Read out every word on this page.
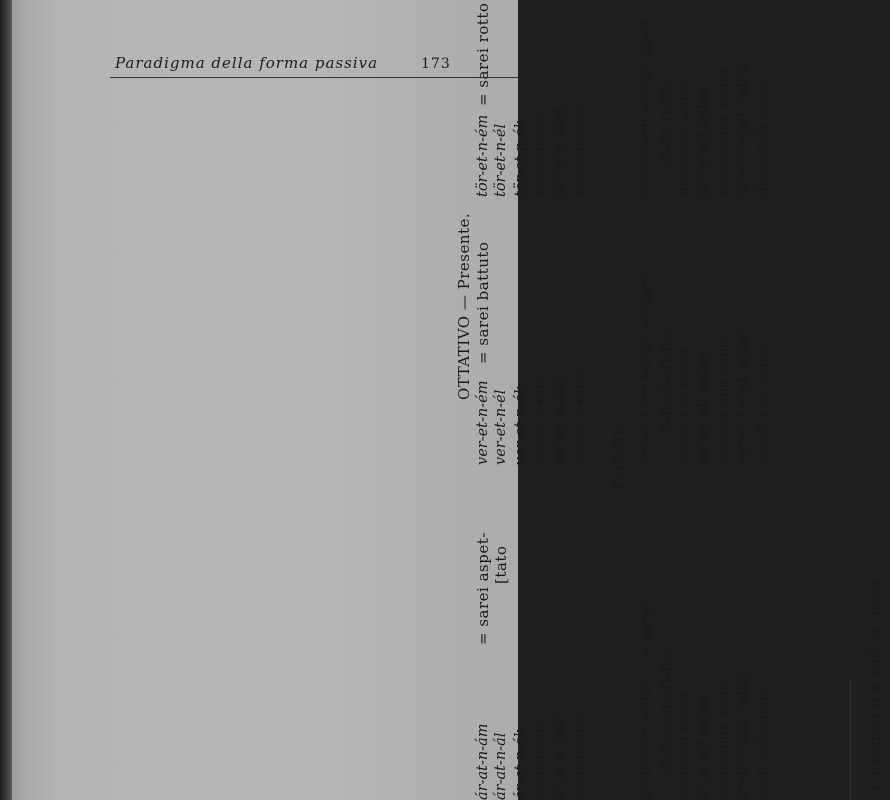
Paradigma della forma passiva	173
OTTATIVO — Presente.
= sarei aspet- [tato
ár-at-n-ám ár-at-n-ál ár-at-n-ék ár-at-n-ánk ár-at-n-átok ár-at-n-ának
ver-et-n-ém
= sarei battuto
ver-et-n-él ver-et-n-ék ver-et-n-énk ver-et-n-étek ver-et-n-ének
tör-et-n-ém
= sarei rotto
tör-et-n-él tör-et-n-ék tör-et-n-énk tör-et-n-étek tör-et-n-ének
Perfetto.
ár-at-t-am volna
= sarei
stato aspettato ár-at-t-ál volna ár-at-ott volna ár-at-t-unk volna ár-at-t-atok volna ár-at-t-ak volna
ver-et-t-em volna
= sarei
stato battuto ver-et-t-él volna ver-et-ett volna ver-et-t-ünk volna ver-et-t-etek volna ver-et-t-ek volna
tör-et-t-em volna
= sarei
stato rotto tör-et-t-él volna tör-et-ett volna tör-et-t-ünk volna tör-et-t-etek volna tör-et-t-ek volna
(¹) Vedasi il § 108, B, nota.
